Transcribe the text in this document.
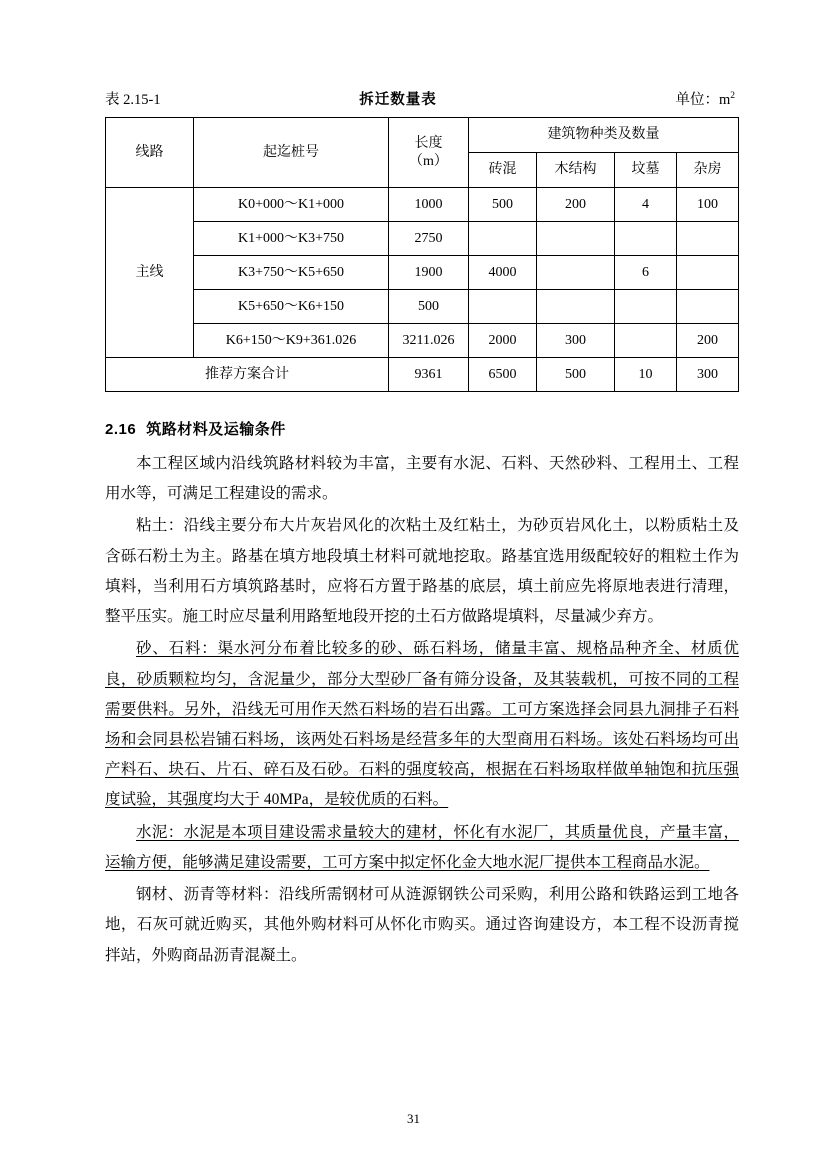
表 2.15-1	拆迁数量表	单位：$m^2$
线路	起迄桩号	长度
（m）	建筑物种类及数量			
			砖混	木结构	坟墓	杂房
主线	K0+000～K1+000	1000	500	200	4	100
	K1+000～K3+750	2750				
	K3+750～K5+650	1900	4000		6	
	K5+650～K6+150	500				
	K6+150～K9+361.026	3211.026	2000	300		200
推荐方案合计		9361	6500	500	10	300
2.16 筑路材料及运输条件

本工程区域内沿线筑路材料较为丰富，主要有水泥、石料、天然砂料、工程用土、工程用水等，可满足工程建设的需求。

粘土：沿线主要分布大片灰岩风化的次粘土及红粘土，为砂页岩风化土，以粉质粘土及含砾石粉土为主。路基在填方地段填土材料可就地挖取。路基宜选用级配较好的粗粒土作为填料，当利用石方填筑路基时，应将石方置于路基的底层，填土前应先将原地表进行清理，整平压实。施工时应尽量利用路堑地段开挖的土石方做路堤填料，尽量减少弃方。

砂、石料：渠水河分布着比较多的砂、砾石料场，储量丰富、规格品种齐全、材质优良，砂质颗粒均匀，含泥量少，部分大型砂厂备有筛分设备，及其装载机，可按不同的工程需要供料。另外，沿线无可用作天然石料场的岩石出露。工可方案选择会同县九洞排子石料场和会同县松岩铺石料场，该两处石料场是经营多年的大型商用石料场。该处石料场均可出产料石、块石、片石、碎石及石砂。石料的强度较高，根据在石料场取样做单轴饱和抗压强度试验，其强度均大于 40MPa，是较优质的石料。

水泥：水泥是本项目建设需求量较大的建材，怀化有水泥厂，其质量优良，产量丰富，运输方便，能够满足建设需要，工可方案中拟定怀化金大地水泥厂提供本工程商品水泥。

钢材、沥青等材料：沿线所需钢材可从涟源钢铁公司采购，利用公路和铁路运到工地各地，石灰可就近购买，其他外购材料可从怀化市购买。通过咨询建设方，本工程不设沥青搅拌站，外购商品沥青混凝土。

31
